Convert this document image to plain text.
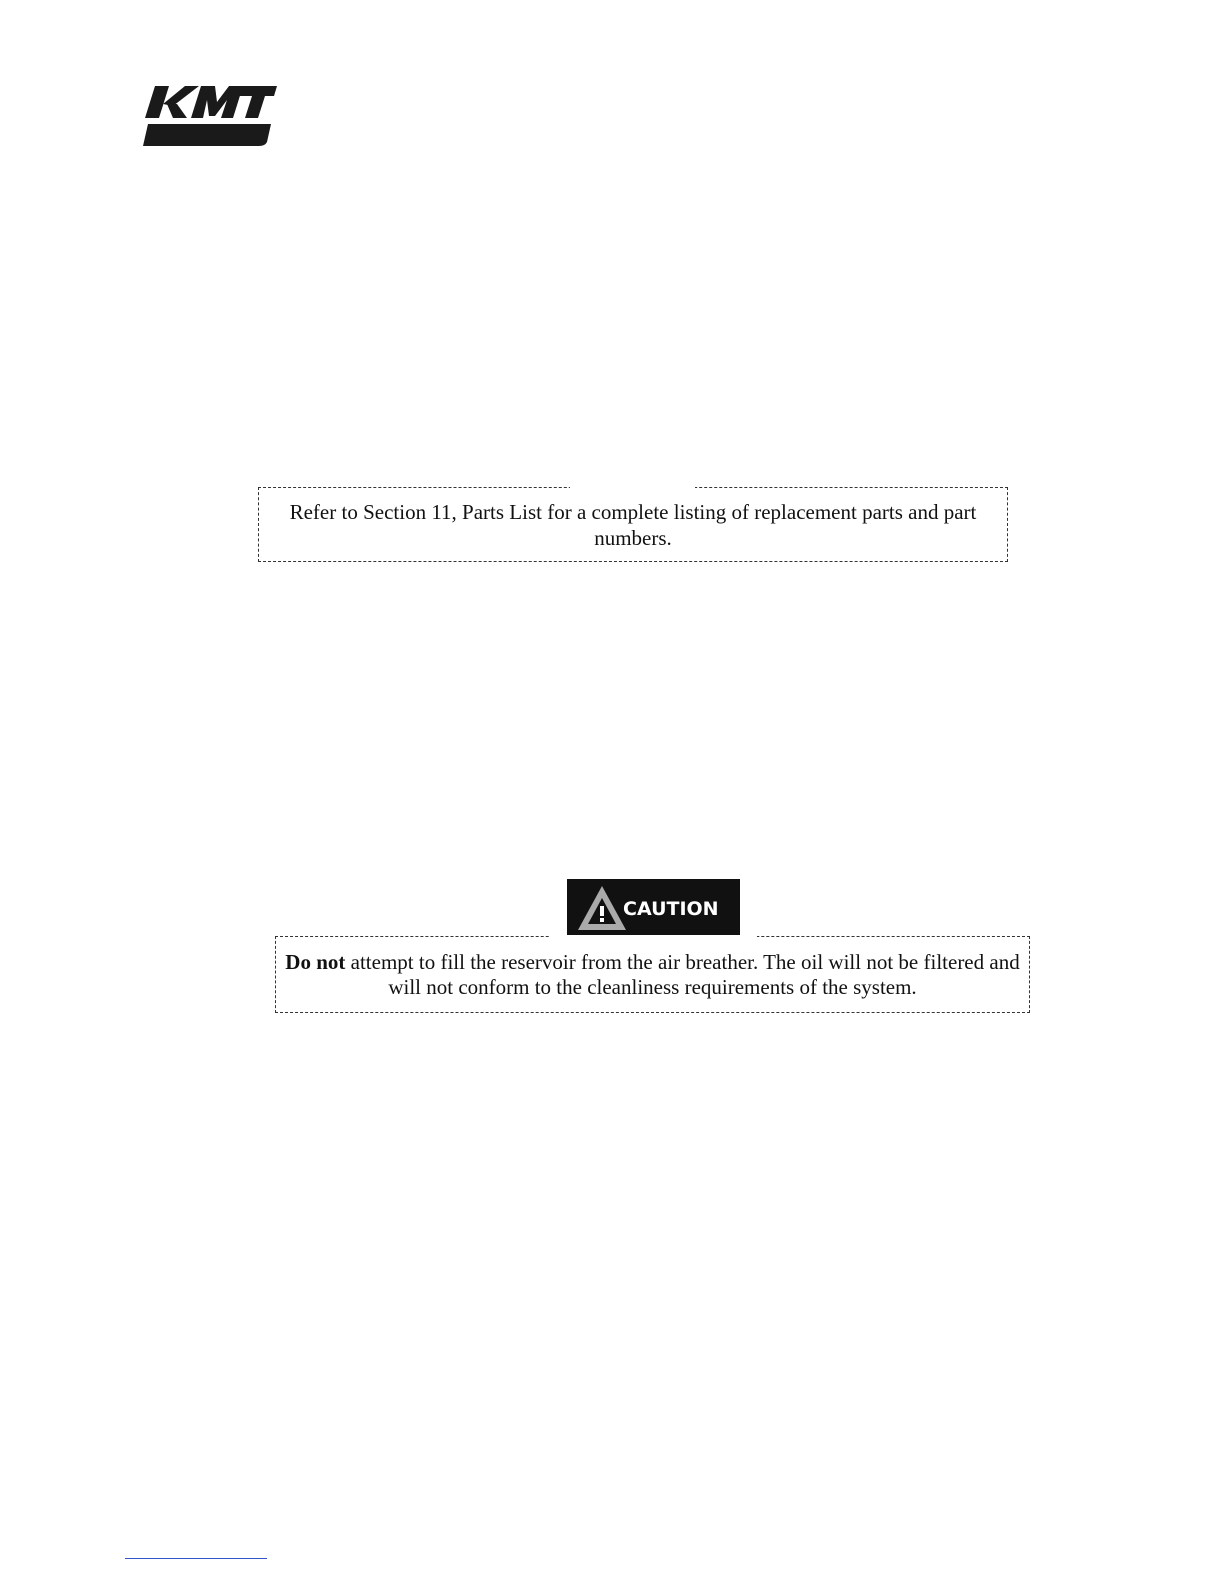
Refer to Section 11, Parts List for a complete listing of replacement parts and part numbers.
CAUTION
Do not attempt to fill the reservoir from the air breather. The oil will not be filtered and will not conform to the cleanliness requirements of the system.
